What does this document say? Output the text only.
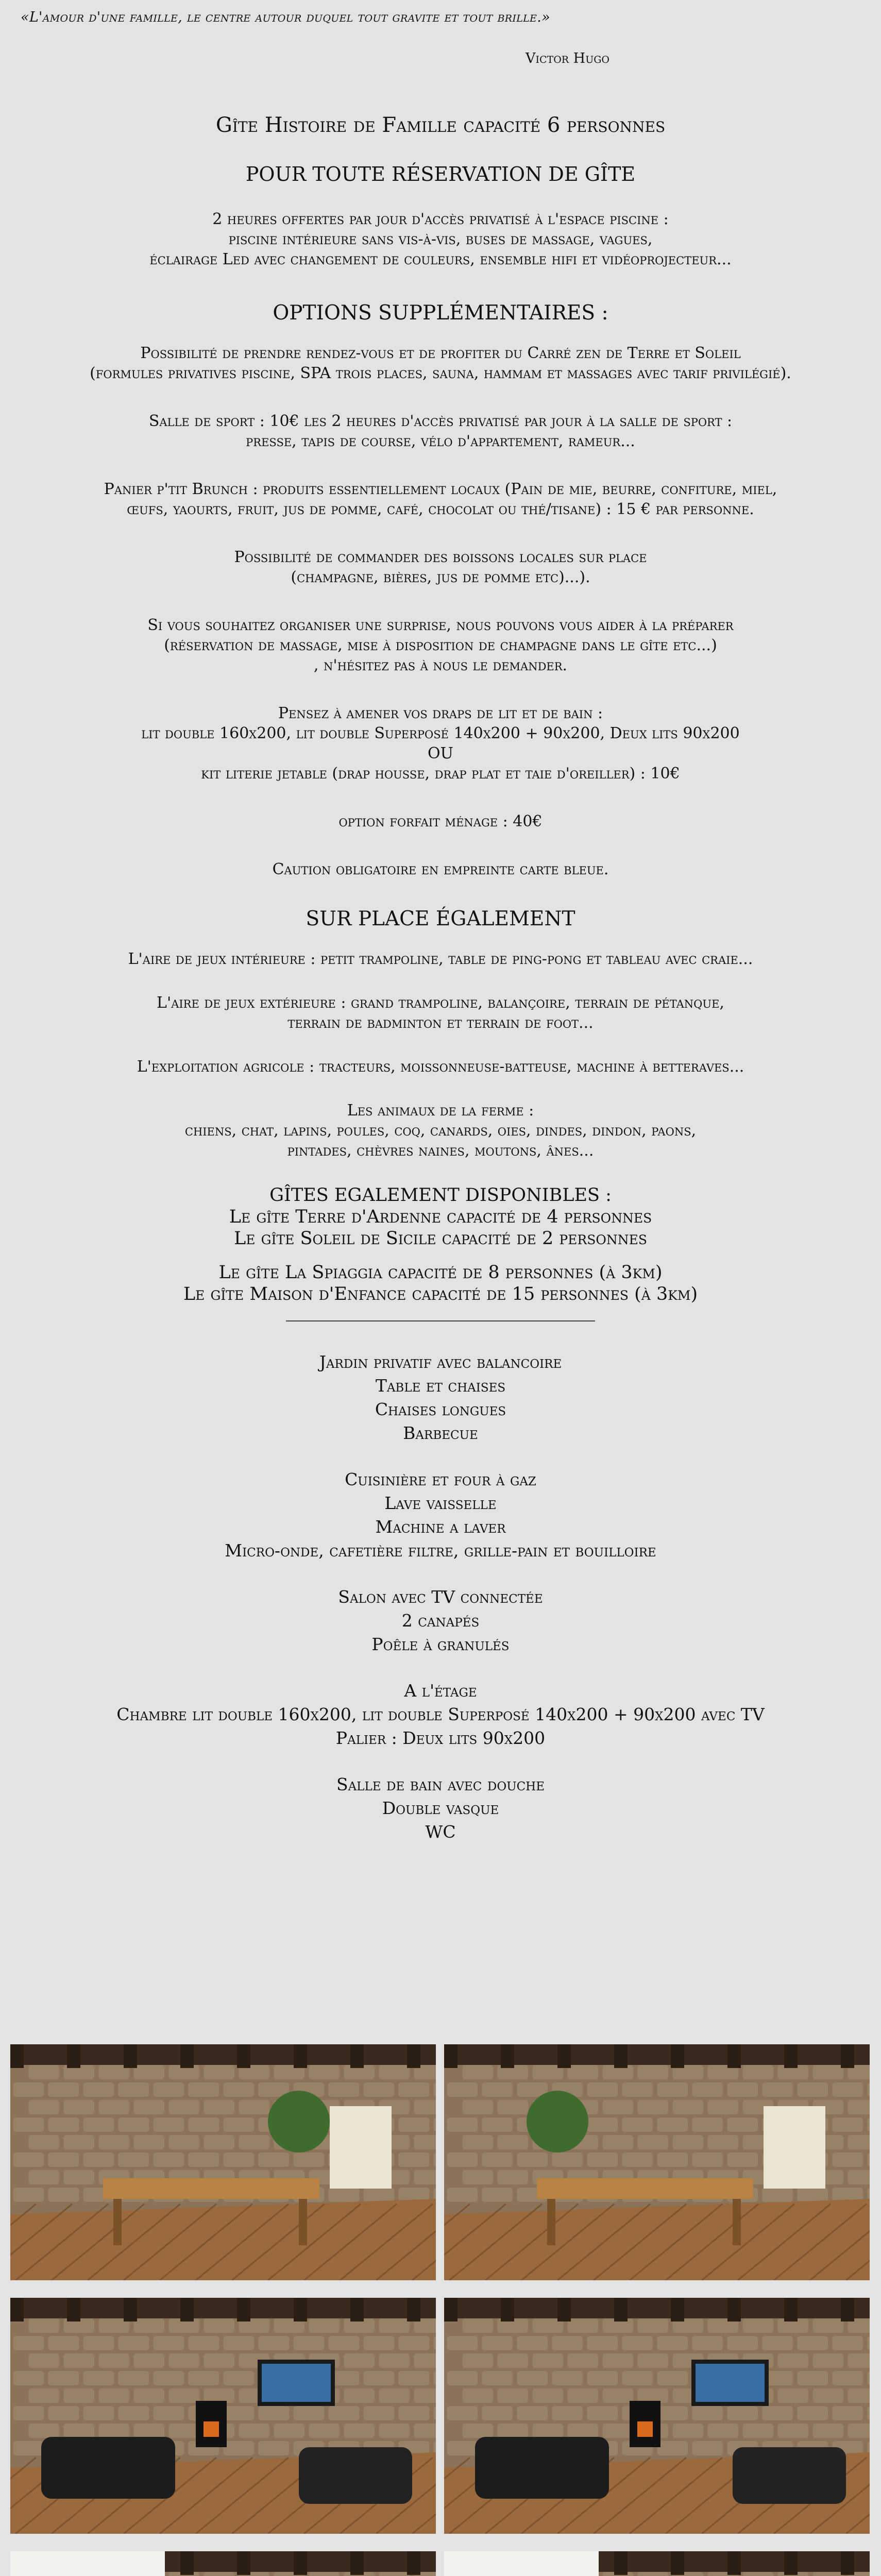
«L'amour d'une famille, le centre autour duquel tout gravite et tout brille.»
Victor Hugo
Gîte Histoire de Famille capacité 6 personnes
POUR TOUTE RÉSERVATION DE GÎTE
2 heures offertes par jour d'accès privatisé à l'espace piscine :
piscine intérieure sans vis-à-vis, buses de massage, vagues,
éclairage Led avec changement de couleurs, ensemble hifi et vidéoprojecteur...
OPTIONS SUPPLÉMENTAIRES :
Possibilité de prendre rendez-vous et de profiter du Carré zen de Terre et Soleil
(formules privatives piscine, SPA trois places, sauna, hammam et massages avec tarif privilégié).
Salle de sport : 10€ les 2 heures d'accès privatisé par jour à la salle de sport :
presse, tapis de course, vélo d'appartement, rameur...
Panier p'tit Brunch : produits essentiellement locaux (Pain de mie, beurre, confiture, miel,
œufs, yaourts, fruit, jus de pomme, café, chocolat ou thé/tisane) : 15 € par personne.
Possibilité de commander des boissons locales sur place
(champagne, bières, jus de pomme etc)...).
Si vous souhaitez organiser une surprise, nous pouvons vous aider à la préparer
(réservation de massage, mise à disposition de champagne dans le gîte etc...)
, n'hésitez pas à nous le demander.
Pensez à amener vos draps de lit et de bain :
lit double 160x200, lit double Superposé 140x200 + 90x200, Deux lits 90x200
OU
kit literie jetable (drap housse, drap plat et taie d'oreiller) : 10€
option forfait ménage : 40€
Caution obligatoire en empreinte carte bleue.
SUR PLACE ÉGALEMENT
L'aire de jeux intérieure : petit trampoline, table de ping-pong et tableau avec craie...
L'aire de jeux extérieure : grand trampoline, balançoire, terrain de pétanque,
terrain de badminton et terrain de foot...
L'exploitation agricole : tracteurs, moissonneuse-batteuse, machine à betteraves...
Les animaux de la ferme :
chiens, chat, lapins, poules, coq, canards, oies, dindes, dindon, paons,
pintades, chèvres naines, moutons, ânes...
GÎTES EGALEMENT DISPONIBLES :
Le gîte Terre d'Ardenne capacité de 4 personnes
Le gîte Soleil de Sicile capacité de 2 personnes
Le gîte La Spiaggia capacité de 8 personnes (à 3km)
Le gîte Maison d'Enfance capacité de 15 personnes (à 3km)
Jardin privatif avec balancoire
Table et chaises
Chaises longues
Barbecue
Cuisinière et four à gaz
Lave vaisselle
Machine a laver
Micro-onde, cafetière filtre, grille-pain et bouilloire
Salon avec TV connectée
2 canapés
Poêle à granulés
A l'étage
Chambre lit double 160x200, lit double Superposé 140x200 + 90x200 avec TV
Palier : Deux lits 90x200
Salle de bain avec douche
Double vasque
WC
